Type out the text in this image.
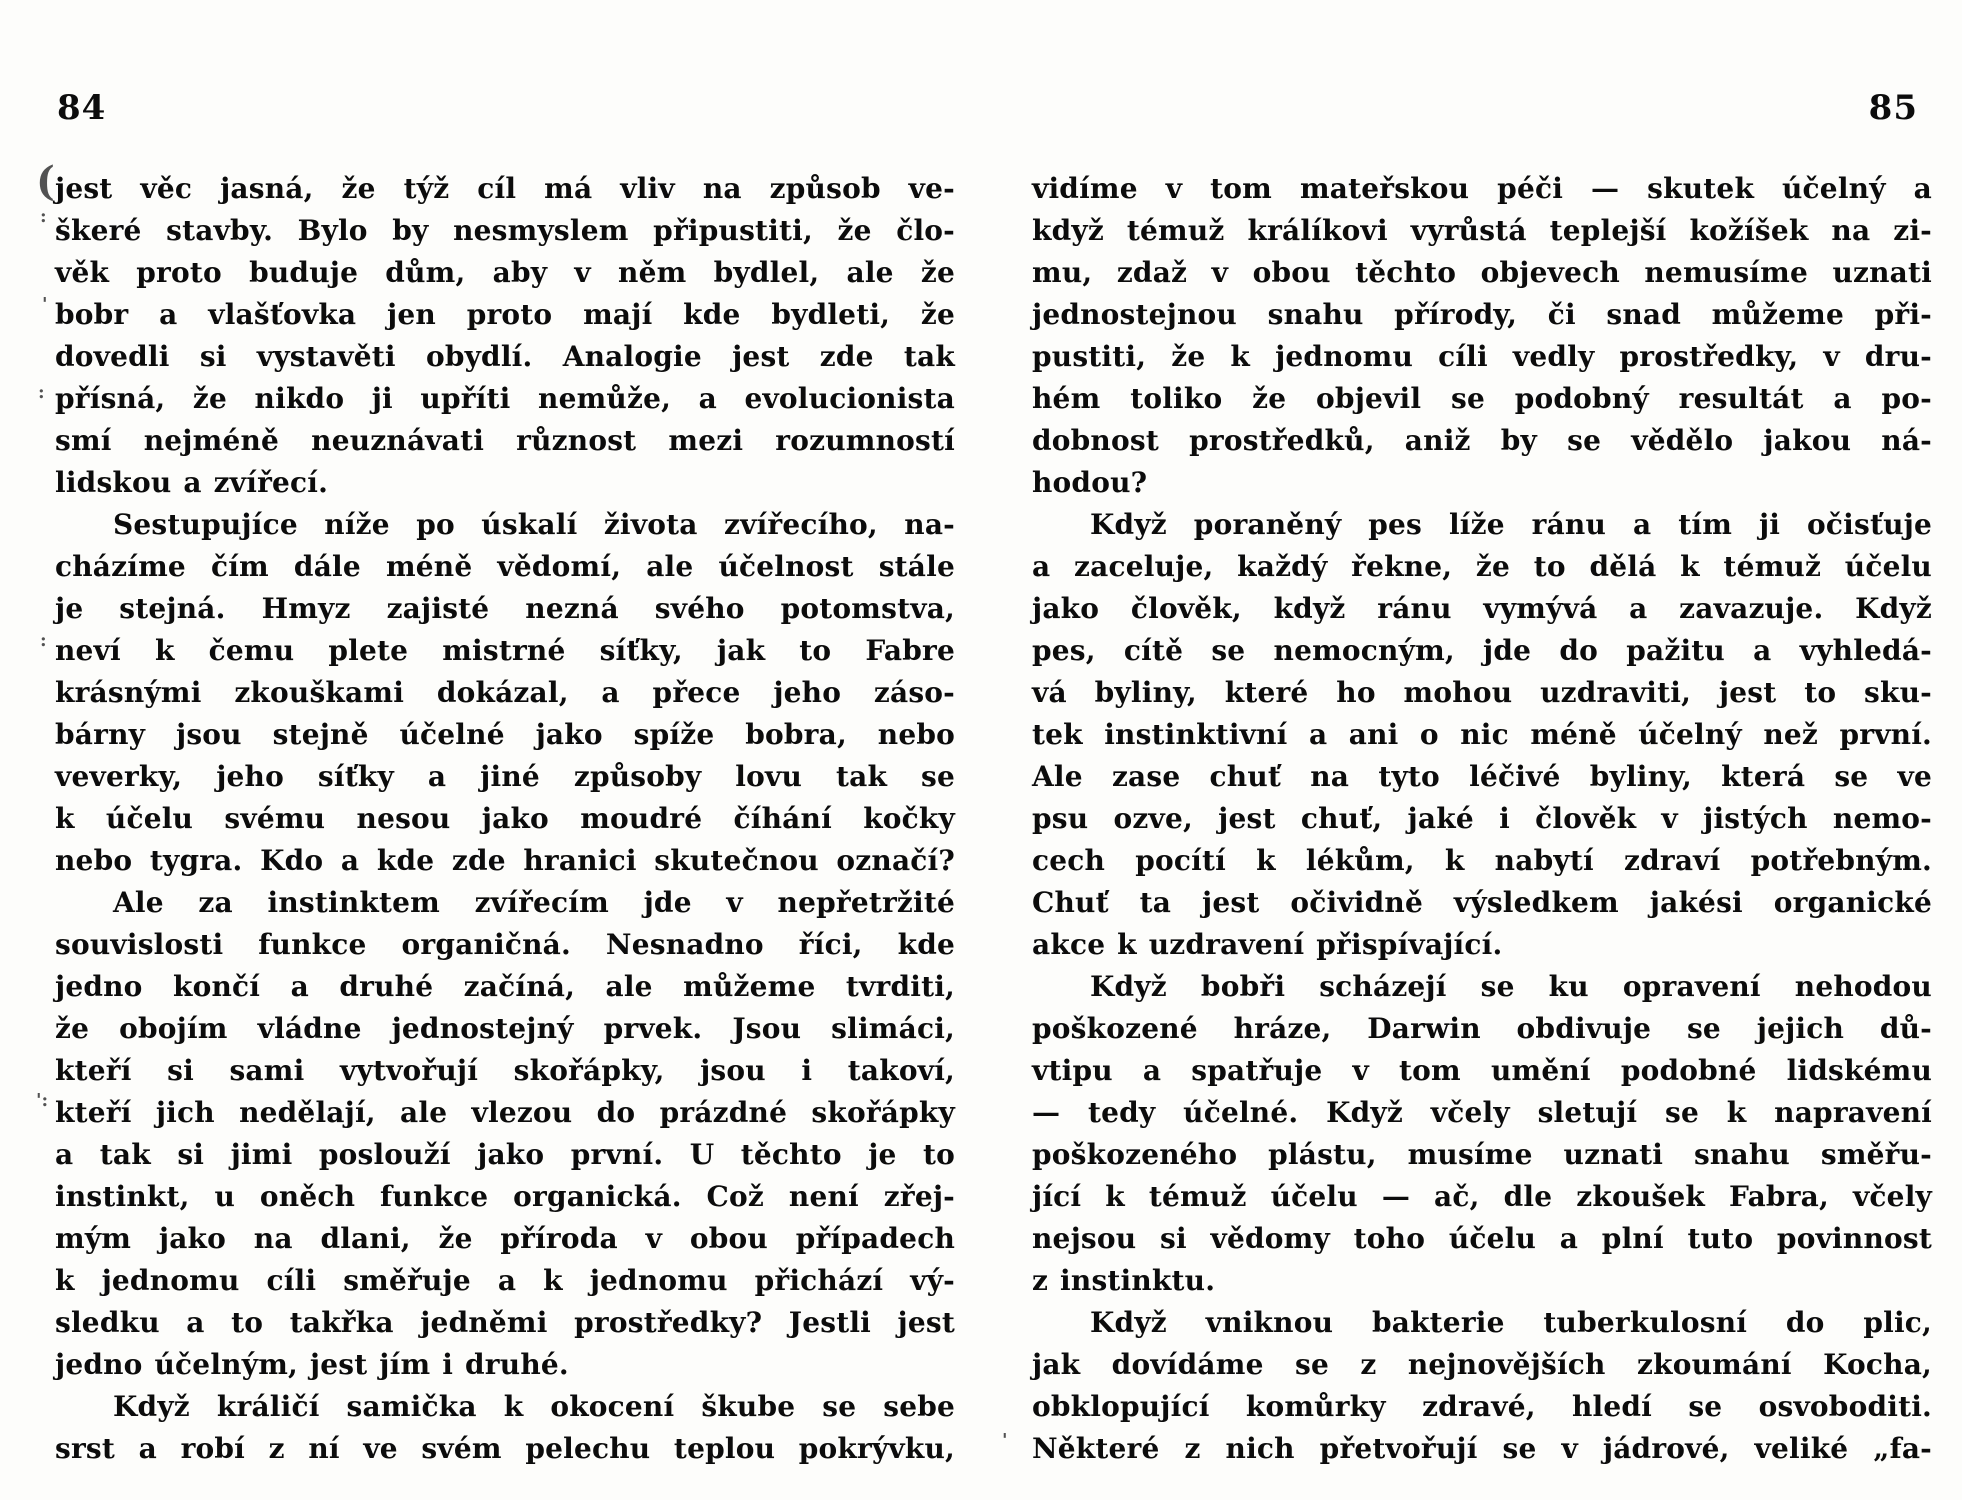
84
jest věc jasná, že týž cíl má vliv na způsob ve-
škeré stavby. Bylo by nesmyslem připustiti, že člo-
věk proto buduje dům, aby v něm bydlel, ale že
bobr a vlašťovka jen proto mají kde bydleti, že
dovedli si vystavěti obydlí. Analogie jest zde tak
přísná, že nikdo ji upříti nemůže, a evolucionista
smí nejméně neuznávati různost mezi rozumností
lidskou a zvířecí.
Sestupujíce níže po úskalí života zvířecího, na-
cházíme čím dále méně vědomí, ale účelnost stále
je stejná. Hmyz zajisté nezná svého potomstva,
neví k čemu plete mistrné síťky, jak to Fabre
krásnými zkouškami dokázal, a přece jeho záso-
bárny jsou stejně účelné jako spíže bobra, nebo
veverky, jeho síťky a jiné způsoby lovu tak se
k účelu svému nesou jako moudré číhání kočky
nebo tygra. Kdo a kde zde hranici skutečnou označí?
Ale za instinktem zvířecím jde v nepřetržité
souvislosti funkce organičná. Nesnadno říci, kde
jedno končí a druhé začíná, ale můžeme tvrditi,
že obojím vládne jednostejný prvek. Jsou slimáci,
kteří si sami vytvořují skořápky, jsou i takoví,
kteří jich nedělají, ale vlezou do prázdné skořápky
a tak si jimi poslouží jako první. U těchto je to
instinkt, u oněch funkce organická. Což není zřej-
mým jako na dlani, že příroda v obou případech
k jednomu cíli směřuje a k jednomu přichází vý-
sledku a to takřka jedněmi prostředky? Jestli jest
jedno účelným, jest jím i druhé.
Když králičí samička k okocení škube se sebe
srst a robí z ní ve svém pelechu teplou pokrývku,
85
vidíme v tom mateřskou péči — skutek účelný a
když témuž králíkovi vyrůstá teplejší kožíšek na zi-
mu, zdaž v obou těchto objevech nemusíme uznati
jednostejnou snahu přírody, či snad můžeme při-
pustiti, že k jednomu cíli vedly prostředky, v dru-
hém toliko že objevil se podobný resultát a po-
dobnost prostředků, aniž by se vědělo jakou ná-
hodou?
Když poraněný pes líže ránu a tím ji očisťuje
a zaceluje, každý řekne, že to dělá k témuž účelu
jako člověk, když ránu vymývá a zavazuje. Když
pes, cítě se nemocným, jde do pažitu a vyhledá-
vá byliny, které ho mohou uzdraviti, jest to sku-
tek instinktivní a ani o nic méně účelný než první.
Ale zase chuť na tyto léčivé byliny, která se ve
psu ozve, jest chuť, jaké i člověk v jistých nemo-
cech pocítí k lékům, k nabytí zdraví potřebným.
Chuť ta jest očividně výsledkem jakési organické
akce k uzdravení přispívající.
Když bobři scházejí se ku opravení nehodou
poškozené hráze, Darwin obdivuje se jejich dů-
vtipu a spatřuje v tom umění podobné lidskému
— tedy účelné. Když včely sletují se k napravení
poškozeného plástu, musíme uznati snahu směřu-
jící k témuž účelu — ač, dle zkoušek Fabra, včely
nejsou si vědomy toho účelu a plní tuto povinnost
z instinktu.
Když vniknou bakterie tuberkulosní do plic,
jak dovídáme se z nejnovějších zkoumání Kocha,
obklopující komůrky zdravé, hledí se osvoboditi.
Některé z nich přetvořují se v jádrové, veliké „fa-
(
:
'
:
:
':
'
